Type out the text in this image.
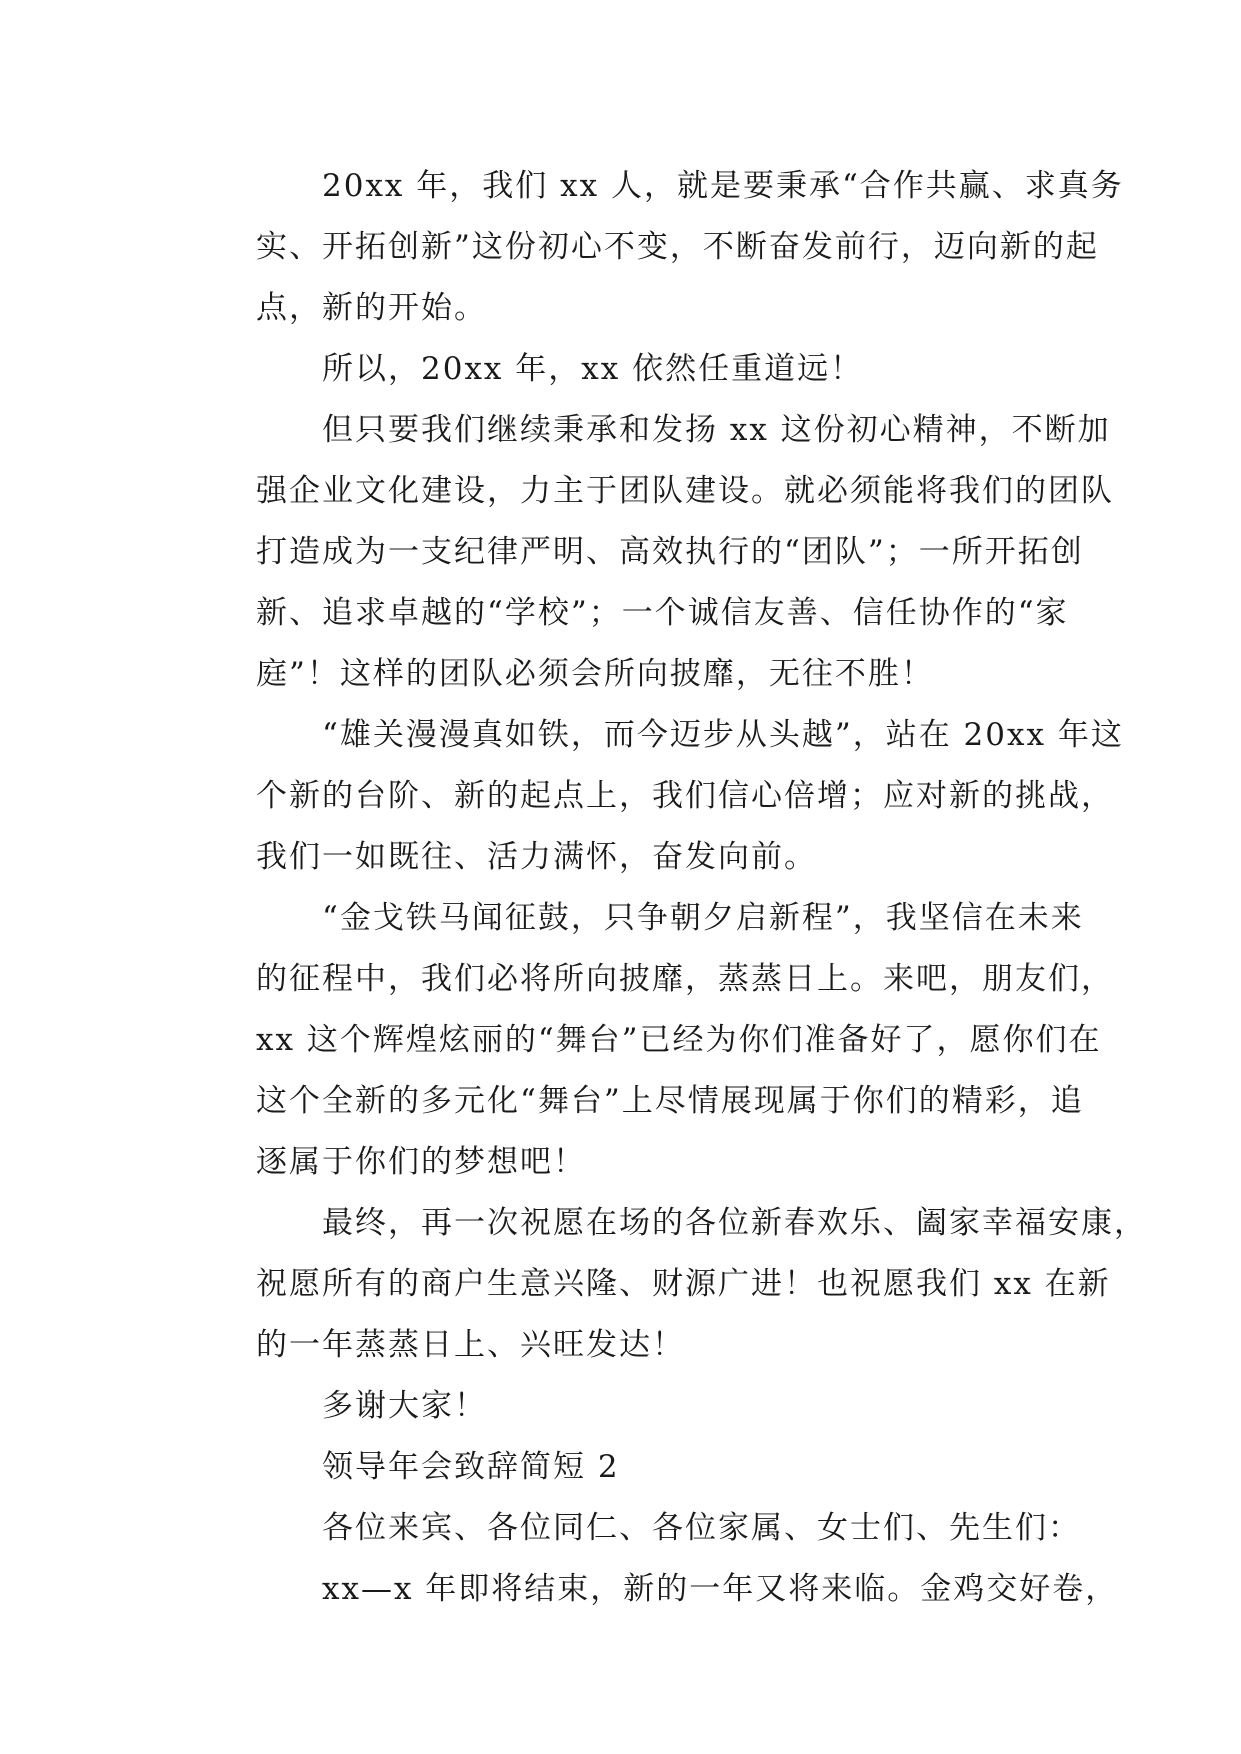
20xx 年，我们 xx 人，就是要秉承“合作共赢、求真务
实、开拓创新”这份初心不变，不断奋发前行，迈向新的起
点，新的开始。
所以，20xx 年，xx 依然任重道远！
但只要我们继续秉承和发扬 xx 这份初心精神，不断加
强企业文化建设，力主于团队建设。就必须能将我们的团队
打造成为一支纪律严明、高效执行的“团队”；一所开拓创
新、追求卓越的“学校”；一个诚信友善、信任协作的“家
庭”！这样的团队必须会所向披靡，无往不胜！
“雄关漫漫真如铁，而今迈步从头越”，站在 20xx 年这
个新的台阶、新的起点上，我们信心倍增；应对新的挑战，
我们一如既往、活力满怀，奋发向前。
“金戈铁马闻征鼓，只争朝夕启新程”，我坚信在未来
的征程中，我们必将所向披靡，蒸蒸日上。来吧，朋友们，
xx 这个辉煌炫丽的“舞台”已经为你们准备好了，愿你们在
这个全新的多元化“舞台”上尽情展现属于你们的精彩，追
逐属于你们的梦想吧！
最终，再一次祝愿在场的各位新春欢乐、阖家幸福安康，
祝愿所有的商户生意兴隆、财源广进！也祝愿我们 xx 在新
的一年蒸蒸日上、兴旺发达！
多谢大家！
领导年会致辞简短 2
各位来宾、各位同仁、各位家属、女士们、先生们：
xx—x 年即将结束，新的一年又将来临。金鸡交好卷，
